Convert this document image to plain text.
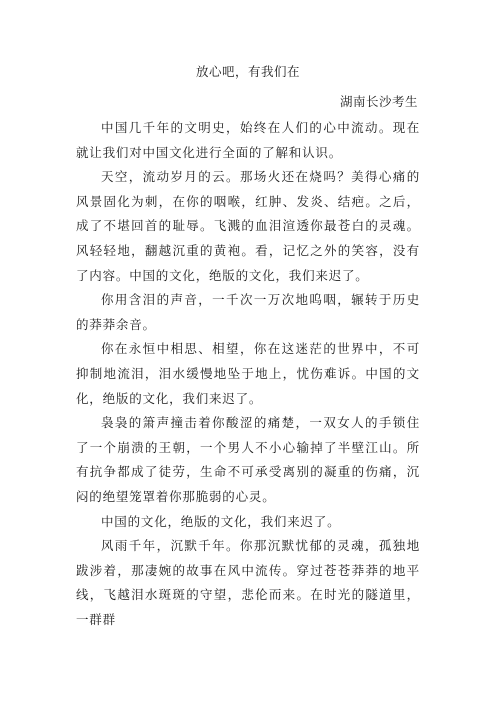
放心吧，有我们在
湖南长沙考生

中国几千年的文明史，始终在人们的心中流动。现在就让我们对中国文化进行全面的了解和认识。

天空，流动岁月的云。那场火还在烧吗？美得心痛的风景固化为刺，在你的咽喉，红肿、发炎、结疤。之后，成了不堪回首的耻辱。飞溅的血泪渲透你最苍白的灵魂。风轻轻地，翻越沉重的黄袍。看，记忆之外的笑容，没有了内容。中国的文化，绝版的文化，我们来迟了。

你用含泪的声音，一千次一万次地呜咽，辗转于历史的莽莽余音。

你在永恒中相思、相望，你在这迷茫的世界中，不可抑制地流泪，泪水缓慢地坠于地上，忧伤难诉。中国的文化，绝版的文化，我们来迟了。

袅袅的箫声撞击着你酸涩的痛楚，一双女人的手锁住了一个崩溃的王朝，一个男人不小心输掉了半壁江山。所有抗争都成了徒劳，生命不可承受离别的凝重的伤痛，沉闷的绝望笼罩着你那脆弱的心灵。

中国的文化，绝版的文化，我们来迟了。

风雨千年，沉默千年。你那沉默忧郁的灵魂，孤独地跋涉着，那凄婉的故事在风中流传。穿过苍苍莽莽的地平线，飞越泪水斑斑的守望，悲伦而来。在时光的隧道里，一群群
